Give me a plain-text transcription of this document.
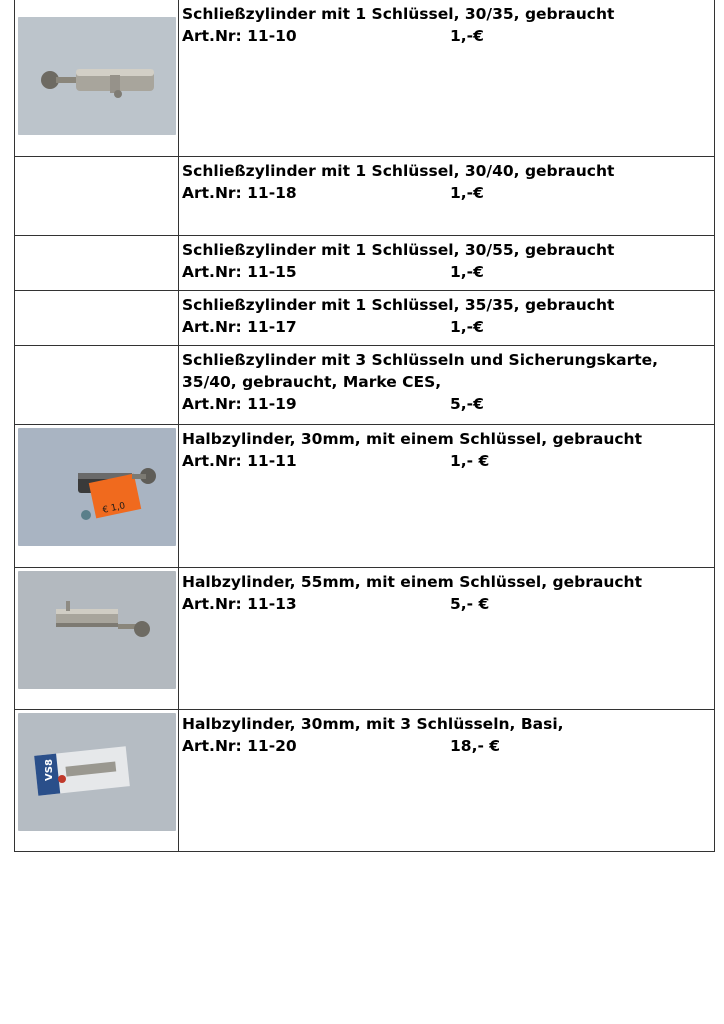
Schließzylinder mit 1 Schlüssel, 30/35, gebraucht
Art.Nr: 11-10	1,-€
Schließzylinder mit 1 Schlüssel, 30/40, gebraucht
Art.Nr: 11-18	1,-€
Schließzylinder mit 1 Schlüssel, 30/55, gebraucht
Art.Nr: 11-15	1,-€
Schließzylinder mit 1 Schlüssel, 35/35, gebraucht
Art.Nr: 11-17	1,-€
Schließzylinder mit 3 Schlüsseln und Sicherungskarte,
35/40, gebraucht, Marke CES,
Art.Nr: 11-19	5,-€
€ 1,0
Halbzylinder, 30mm, mit einem Schlüssel, gebraucht
Art.Nr: 11-11	1,- €
Halbzylinder, 55mm, mit einem Schlüssel, gebraucht
Art.Nr: 11-13	5,- €
VS8
Halbzylinder, 30mm, mit 3 Schlüsseln, Basi,
Art.Nr: 11-20	18,- €
